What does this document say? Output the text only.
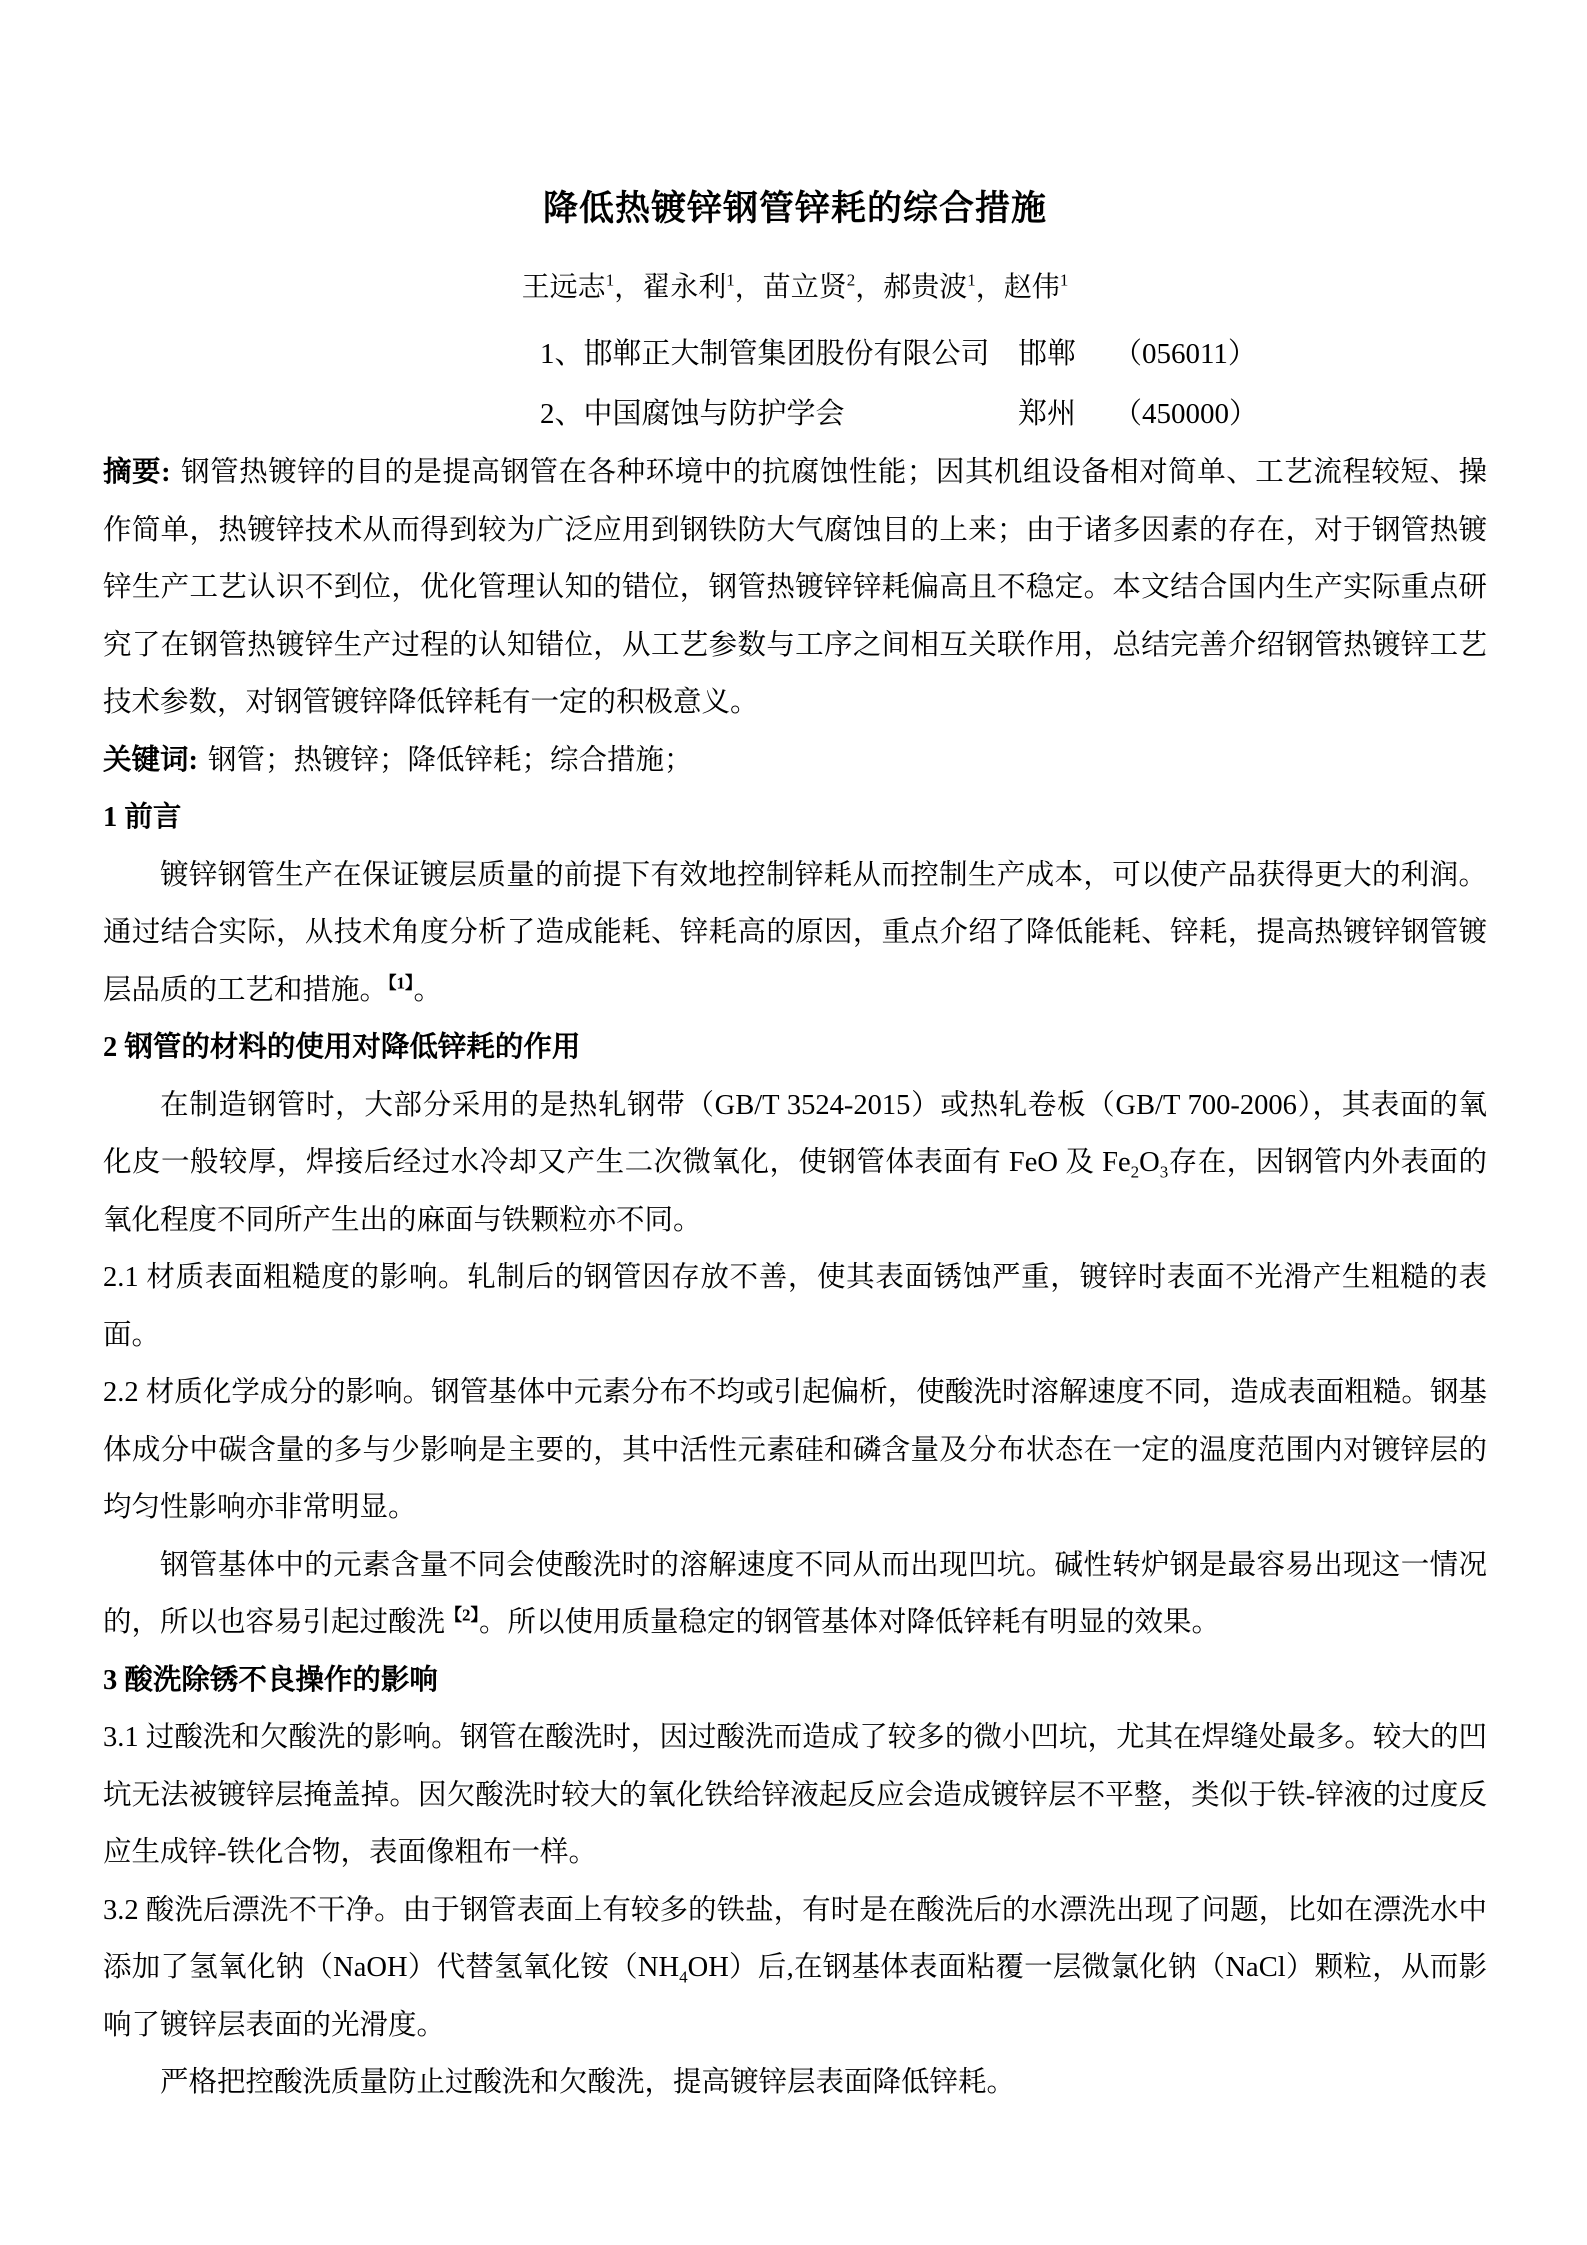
降低热镀锌钢管锌耗的综合措施
王远志$^1$，翟永利$^1$，苗立贤$^2$，郝贵波$^1$，赵伟$^1$
1、邯郸正大制管集团股份有限公司 邯郸	（056011）
2、中国腐蚀与防护学会	郑州	（450000）

摘要: 钢管热镀锌的目的是提高钢管在各种环境中的抗腐蚀性能；因其机组设备相对简单、工艺流程较短、操作简单，热镀锌技术从而得到较为广泛应用到钢铁防大气腐蚀目的上来；由于诸多因素的存在，对于钢管热镀锌生产工艺认识不到位，优化管理认知的错位，钢管热镀锌锌耗偏高且不稳定。本文结合国内生产实际重点研究了在钢管热镀锌生产过程的认知错位，从工艺参数与工序之间相互关联作用，总结完善介绍钢管热镀锌工艺技术参数，对钢管镀锌降低锌耗有一定的积极意义。

关键词: 钢管；热镀锌；降低锌耗；综合措施；

1 前言

镀锌钢管生产在保证镀层质量的前提下有效地控制锌耗从而控制生产成本，可以使产品获得更大的利润。通过结合实际，从技术角度分析了造成能耗、锌耗高的原因，重点介绍了降低能耗、锌耗，提高热镀锌钢管镀层品质的工艺和措施。$^{【1】}$。

2 钢管的材料的使用对降低锌耗的作用

在制造钢管时，大部分采用的是热轧钢带（GB/T 3524-2015）或热轧卷板（GB/T 700-2006），其表面的氧化皮一般较厚，焊接后经过水冷却又产生二次微氧化，使钢管体表面有 FeO 及 $Fe_2O_3$存在，因钢管内外表面的氧化程度不同所产生出的麻面与铁颗粒亦不同。

2.1 材质表面粗糙度的影响。轧制后的钢管因存放不善，使其表面锈蚀严重，镀锌时表面不光滑产生粗糙的表面。

2.2 材质化学成分的影响。钢管基体中元素分布不均或引起偏析，使酸洗时溶解速度不同，造成表面粗糙。钢基体成分中碳含量的多与少影响是主要的，其中活性元素硅和磷含量及分布状态在一定的温度范围内对镀锌层的均匀性影响亦非常明显。

钢管基体中的元素含量不同会使酸洗时的溶解速度不同从而出现凹坑。碱性转炉钢是最容易出现这一情况的，所以也容易引起过酸洗$^{【2】}$。所以使用质量稳定的钢管基体对降低锌耗有明显的效果。

3 酸洗除锈不良操作的影响

3.1 过酸洗和欠酸洗的影响。钢管在酸洗时，因过酸洗而造成了较多的微小凹坑，尤其在焊缝处最多。较大的凹坑无法被镀锌层掩盖掉。因欠酸洗时较大的氧化铁给锌液起反应会造成镀锌层不平整，类似于铁-锌液的过度反应生成锌-铁化合物，表面像粗布一样。

3.2 酸洗后漂洗不干净。由于钢管表面上有较多的铁盐，有时是在酸洗后的水漂洗出现了问题，比如在漂洗水中添加了氢氧化钠（NaOH）代替氢氧化铵$(NH_4OH)$后,在钢基体表面粘覆一层微氯化钠（NaCl）颗粒，从而影响了镀锌层表面的光滑度。

严格把控酸洗质量防止过酸洗和欠酸洗，提高镀锌层表面降低锌耗。
